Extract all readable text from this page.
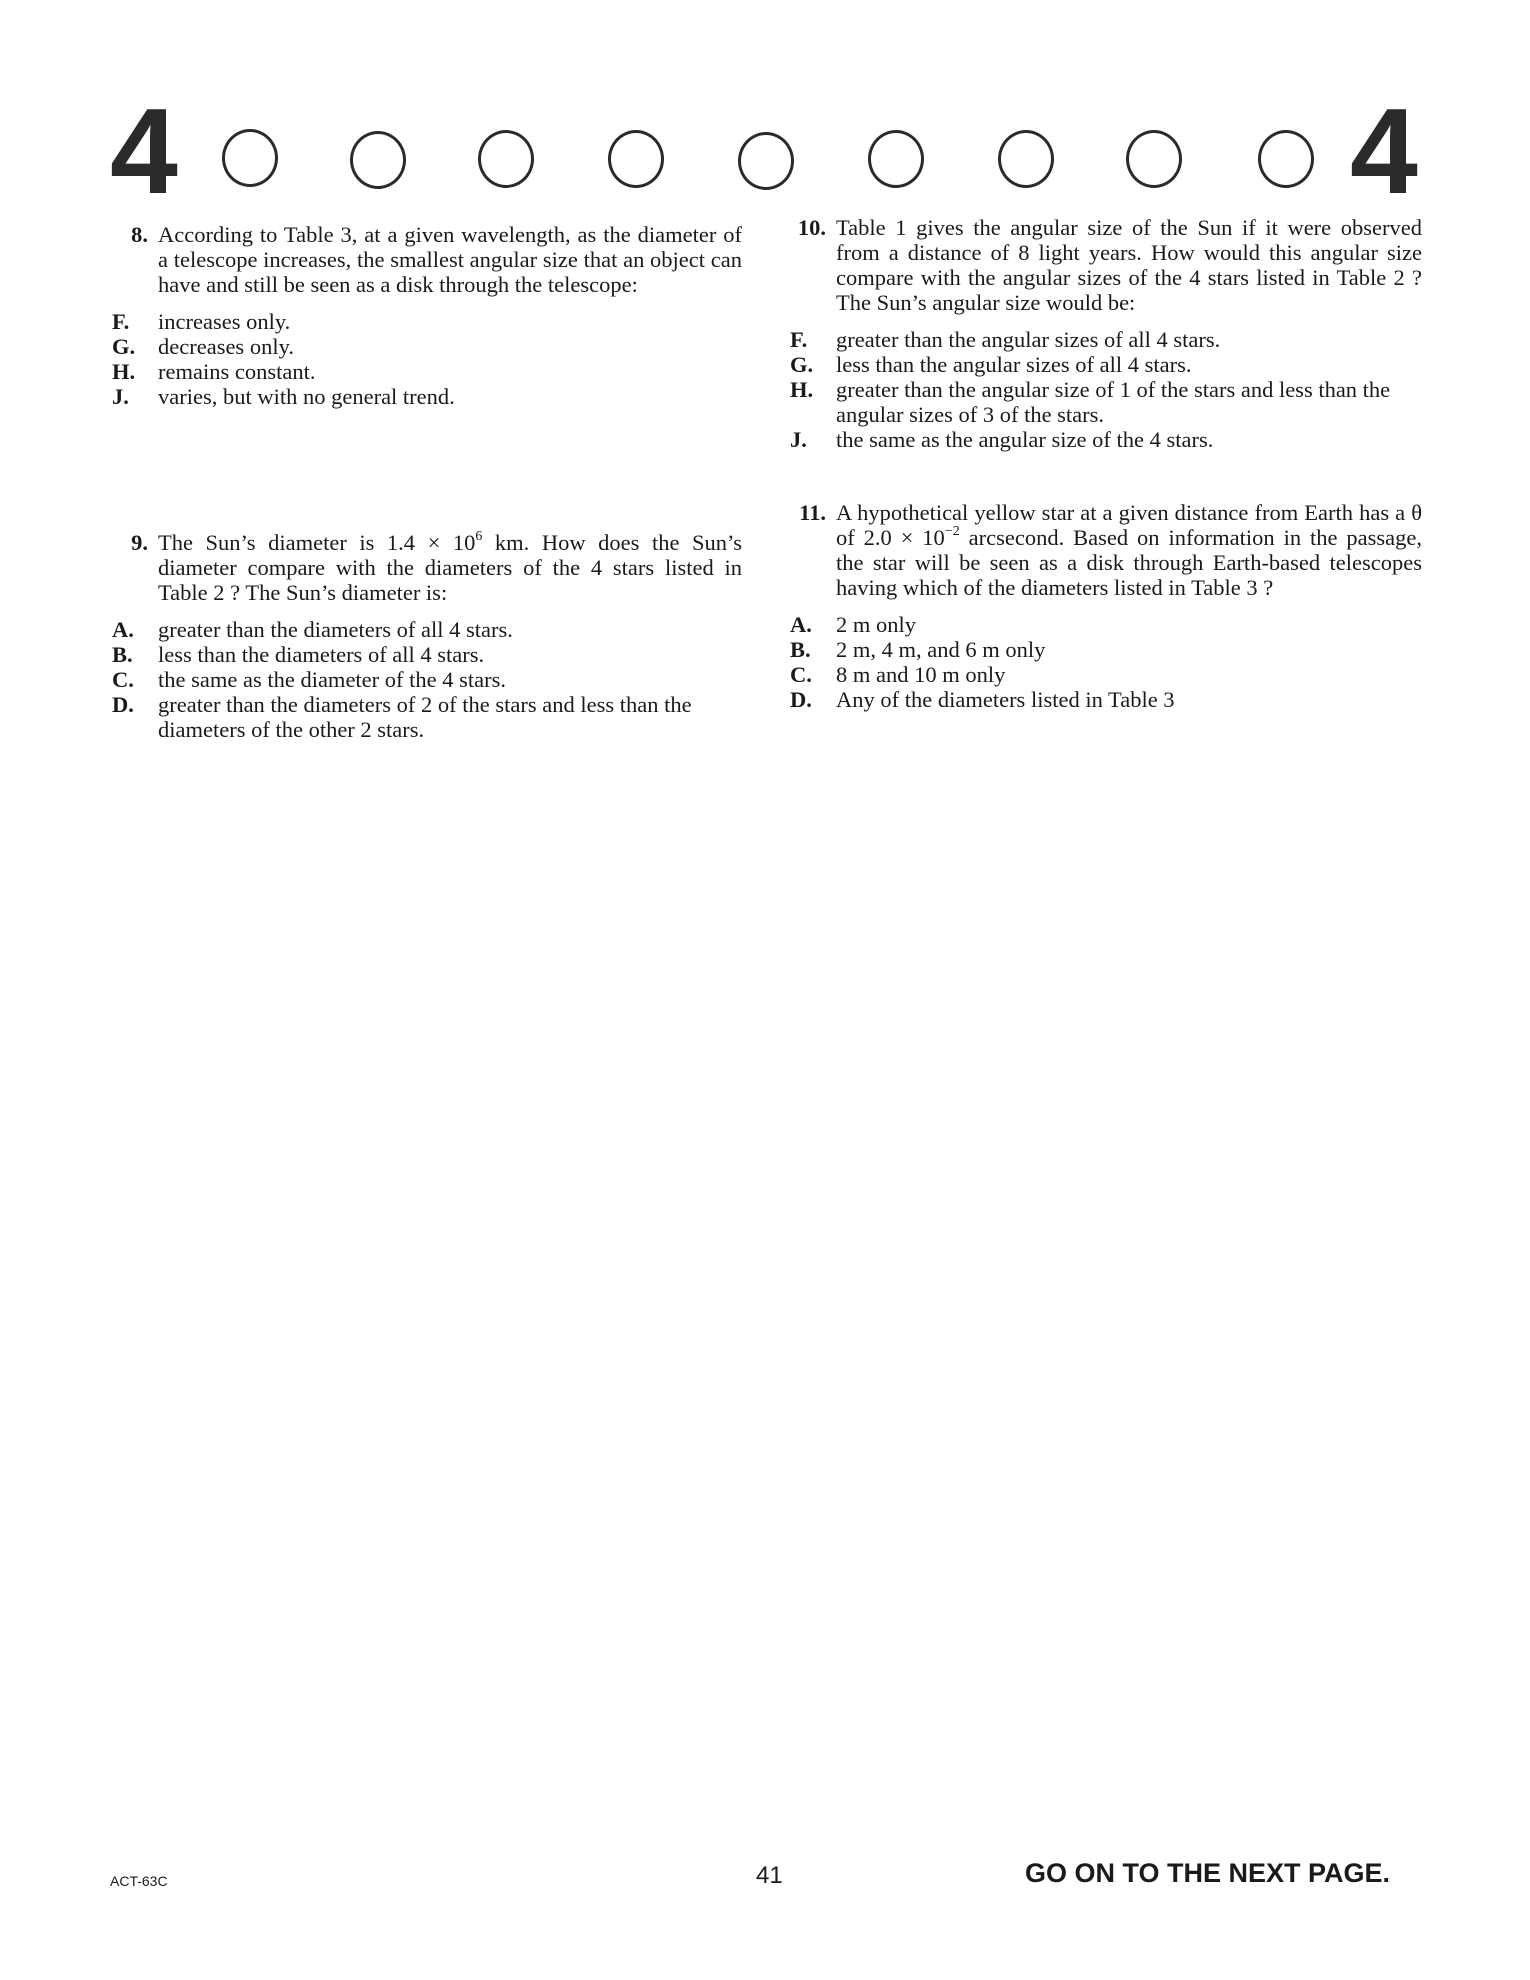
4	4
8. According to Table 3, at a given wavelength, as the diameter of a telescope increases, the smallest angular size that an object can have and still be seen as a disk through the telescope:
F.	increases only.
G.	decreases only.
H.	remains constant.
J.	varies, but with no general trend.
9. The Sun’s diameter is $1.4 \times 10^6$ km. How does the Sun’s diameter compare with the diameters of the 4 stars listed in Table 2 ? The Sun’s diameter is:
A.	greater than the diameters of all 4 stars.
B.	less than the diameters of all 4 stars.
C.	the same as the diameter of the 4 stars.
D.	greater than the diameters of 2 of the stars and less than the diameters of the other 2 stars.
10. Table 1 gives the angular size of the Sun if it were observed from a distance of 8 light years. How would this angular size compare with the angular sizes of the 4 stars listed in Table 2 ? The Sun’s angular size would be:
F.	greater than the angular sizes of all 4 stars.
G.	less than the angular sizes of all 4 stars.
H.	greater than the angular size of 1 of the stars and less than the angular sizes of 3 of the stars.
J.	the same as the angular size of the 4 stars.
11. A hypothetical yellow star at a given distance from Earth has a θ of $2.0 \times 10^{-2}$ arcsecond. Based on information in the passage, the star will be seen as a disk through Earth-based telescopes having which of the diameters listed in Table 3 ?
A.	2 m only
B.	2 m, 4 m, and 6 m only
C.	8 m and 10 m only
D.	Any of the diameters listed in Table 3
ACT-63C	41	GO ON TO THE NEXT PAGE.
